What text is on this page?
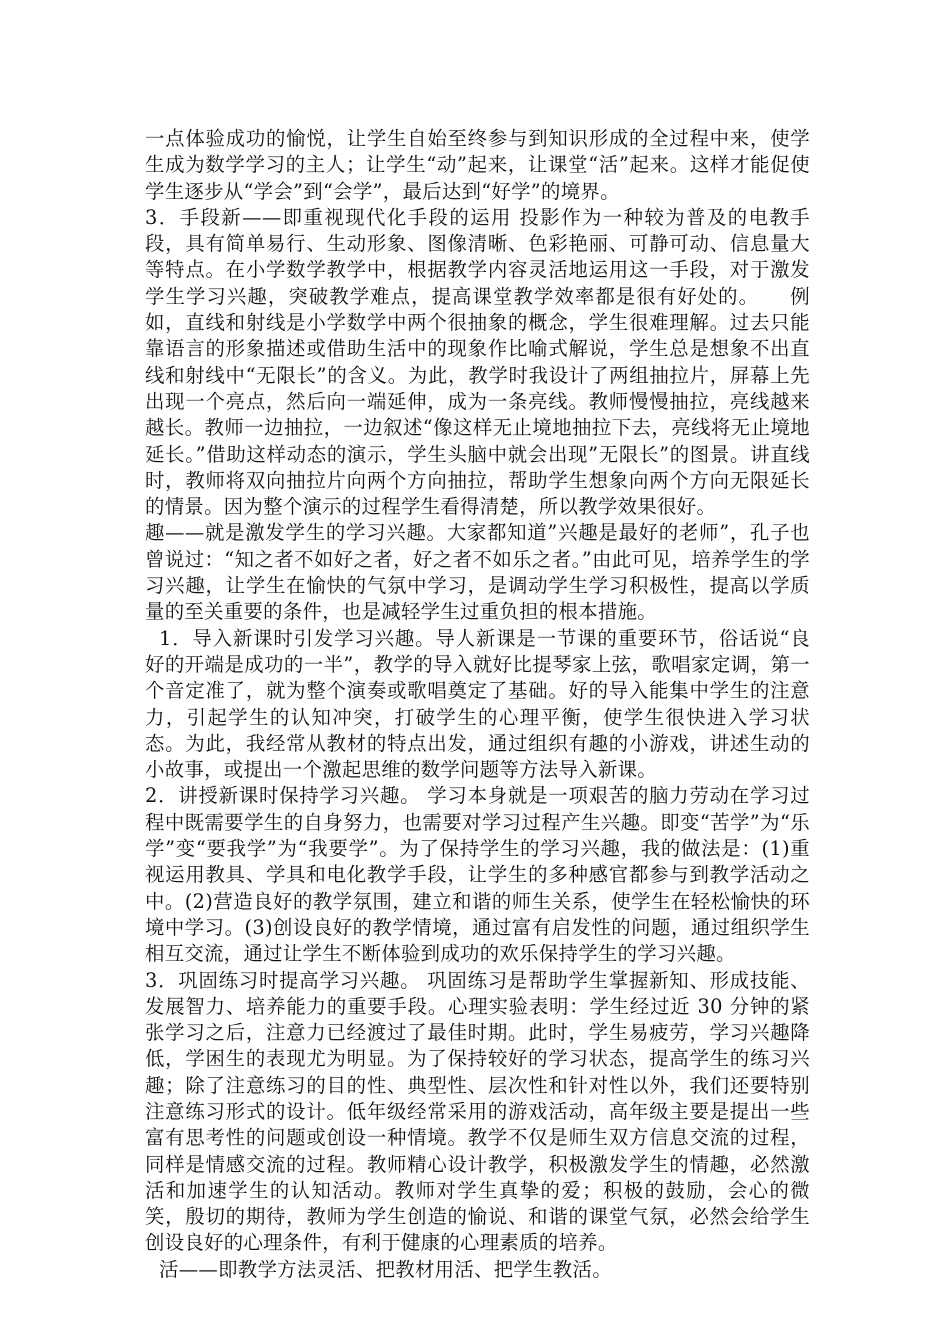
一点体验成功的愉悦，让学生自始至终参与到知识形成的全过程中来，使学生成为数学学习的主人；让学生“动”起来，让课堂“活”起来。这样才能促使学生逐步从“学会”到“会学”，最后达到“好学”的境界。

3．手段新——即重视现代化手段的运用 投影作为一种较为普及的电教手段，具有简单易行、生动形象、图像清晰、色彩艳丽、可静可动、信息量大等特点。在小学数学教学中，根据教学内容灵活地运用这一手段，对于激发学生学习兴趣，突破教学难点，提高课堂教学效率都是很有好处的。　　例如，直线和射线是小学数学中两个很抽象的概念，学生很难理解。过去只能靠语言的形象描述或借助生活中的现象作比喻式解说，学生总是想象不出直线和射线中“无限长”的含义。为此，教学时我设计了两组抽拉片，屏幕上先出现一个亮点，然后向一端延伸，成为一条亮线。教师慢慢抽拉，亮线越来越长。教师一边抽拉，一边叙述“像这样无止境地抽拉下去，亮线将无止境地延长。”借助这样动态的演示，学生头脑中就会出现”无限长”的图景。讲直线时，教师将双向抽拉片向两个方向抽拉，帮助学生想象向两个方向无限延长的情景。因为整个演示的过程学生看得清楚，所以教学效果很好。

趣——就是激发学生的学习兴趣。大家都知道”兴趣是最好的老师”，孔子也曾说过：“知之者不如好之者，好之者不如乐之者。”由此可见，培养学生的学习兴趣，让学生在愉快的气氛中学习，是调动学生学习积极性，提高以学质量的至关重要的条件，也是减轻学生过重负担的根本措施。

1．导入新课时引发学习兴趣。导人新课是一节课的重要环节，俗话说“良好的开端是成功的一半”，教学的导入就好比提琴家上弦，歌唱家定调，第一个音定准了，就为整个演奏或歌唱奠定了基础。好的导入能集中学生的注意力，引起学生的认知冲突，打破学生的心理平衡，使学生很快进入学习状态。为此，我经常从教材的特点出发，通过组织有趣的小游戏，讲述生动的小故事，或提出一个激起思维的数学问题等方法导入新课。

2．讲授新课时保持学习兴趣。 学习本身就是一项艰苦的脑力劳动在学习过程中既需要学生的自身努力，也需要对学习过程产生兴趣。即变“苦学”为“乐学”变“要我学”为“我要学”。为了保持学生的学习兴趣，我的做法是：(1)重视运用教具、学具和电化教学手段，让学生的多种感官都参与到教学活动之中。(2)营造良好的教学氛围，建立和谐的师生关系，使学生在轻松愉快的环境中学习。(3)创设良好的教学情境，通过富有启发性的问题，通过组织学生相互交流，通过让学生不断体验到成功的欢乐保持学生的学习兴趣。

3．巩固练习时提高学习兴趣。 巩固练习是帮助学生掌握新知、形成技能、发展智力、培养能力的重要手段。心理实验表明：学生经过近 30 分钟的紧张学习之后，注意力已经渡过了最佳时期。此时，学生易疲劳，学习兴趣降低，学困生的表现尤为明显。为了保持较好的学习状态，提高学生的练习兴趣；除了注意练习的目的性、典型性、层次性和针对性以外，我们还要特别注意练习形式的设计。低年级经常采用的游戏活动，高年级主要是提出一些富有思考性的问题或创设一种情境。教学不仅是师生双方信息交流的过程，同样是情感交流的过程。教师精心设计教学，积极激发学生的情趣，必然激活和加速学生的认知活动。教师对学生真挚的爱；积极的鼓励，会心的微笑，殷切的期待，教师为学生创造的愉说、和谐的课堂气氛，必然会给学生创设良好的心理条件，有利于健康的心理素质的培养。

活——即教学方法灵活、把教材用活、把学生教活。
